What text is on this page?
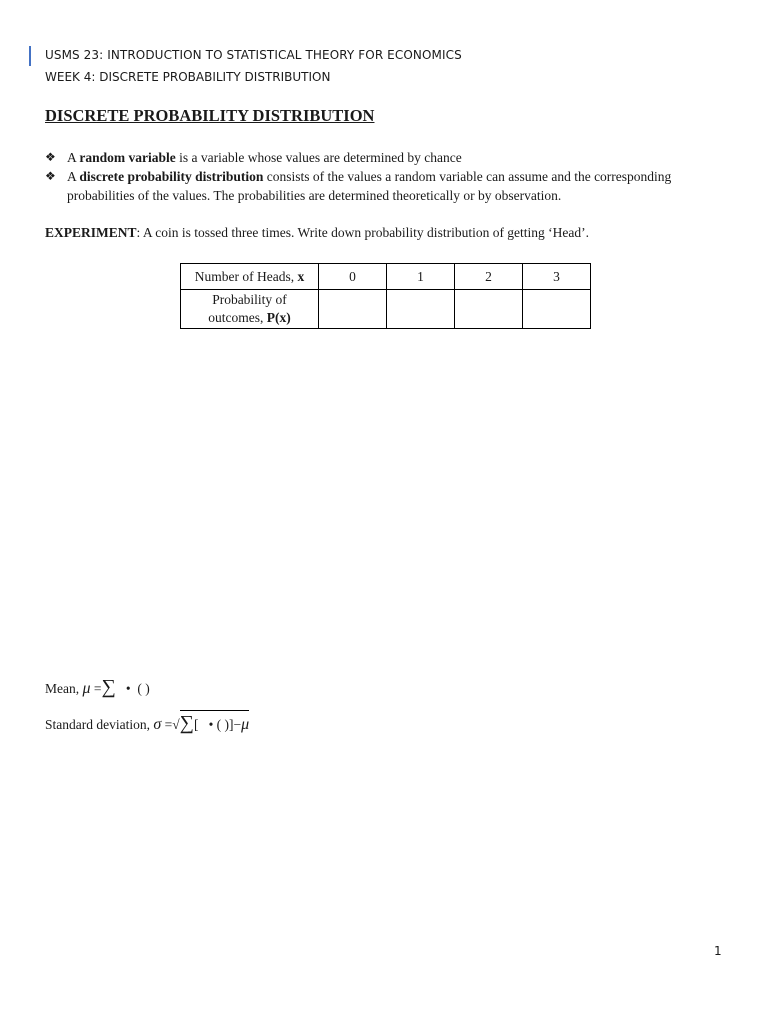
USMS 23: INTRODUCTION TO STATISTICAL THEORY FOR ECONOMICS
WEEK 4: DISCRETE PROBABILITY DISTRIBUTION
DISCRETE PROBABILITY DISTRIBUTION
❖ A random variable is a variable whose values are determined by chance
❖ A discrete probability distribution consists of the values a random variable can assume and the corresponding probabilities of the values. The probabilities are determined theoretically or by observation.
EXPERIMENT: A coin is tossed three times. Write down probability distribution of getting ‘Head’.
Number of Heads, x	0	1	2	3
Probability of
outcomes, P(x)				
Mean, μ =∑ • ( )
Standard deviation, σ =√∑[ • ( )]−μ
1
